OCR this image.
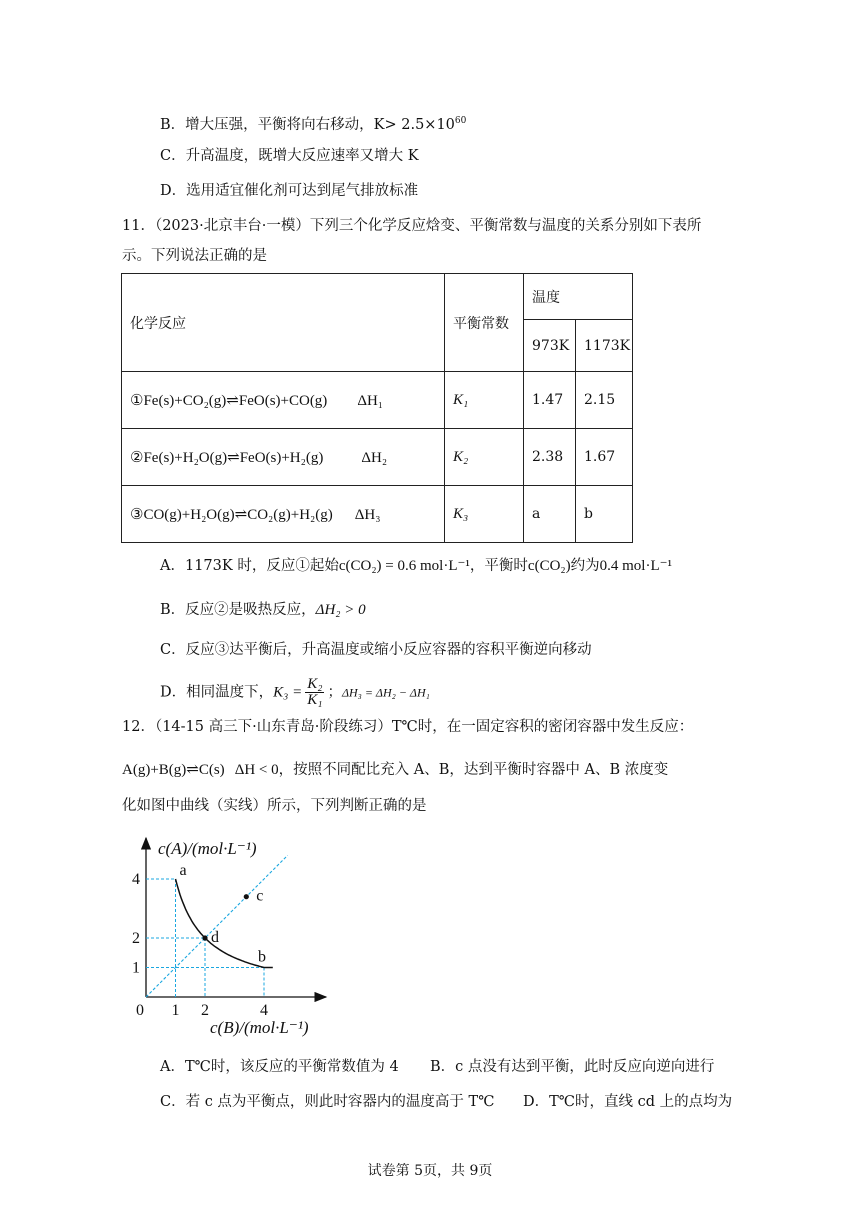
B．增大压强，平衡将向右移动，$K> 2.5\times 10^{60}$
C．升高温度，既增大反应速率又增大 K
D．选用适宜催化剂可达到尾气排放标准
11．（2023·北京丰台·一模）下列三个化学反应焓变、平衡常数与温度的关系分别如下表所
示。下列说法正确的是
化学反应	平衡常数	温度	
		973K	1173K
①Fe(s)+CO₂(g)⇌FeO(s)+CO(g) ΔH₁	K₁	1.47	2.15
②Fe(s)+H₂O(g)⇌FeO(s)+H₂(g) ΔH₂	K₂	2.38	1.67
③CO(g)+H₂O(g)⇌CO₂(g)+H₂(g) ΔH₃	K₃	a	b
A．1173K 时，反应①起始c(CO₂) = 0.6 mol·L⁻¹，平衡时c(CO₂)约为0.4 mol·L⁻¹
B．反应②是吸热反应，ΔH₂ > 0
C．反应③达平衡后，升高温度或缩小反应容器的容积平衡逆向移动
D．相同温度下，$K_3 = \frac{\text{K₂}}{\text{K₁}}$ ；ΔH₃ = ΔH₂ − ΔH₁
12．（14-15 高三下·山东青岛·阶段练习）T℃时，在一固定容积的密闭容器中发生反应：
A(g)+B(g)⇌C(s) ΔH < 0，按照不同配比充入 A、B，达到平衡时容器中 A、B 浓度变
化如图中曲线（实线）所示，下列判断正确的是
a
b
c
d
1 2	4
1
2
4
0
c(A)/(mol·L⁻¹)
c(B)/(mol·L⁻¹)
A．T℃时，该反应的平衡常数值为 4 B．c 点没有达到平衡，此时反应向逆向进行
C．若 c 点为平衡点，则此时容器内的温度高于 T℃ D．T℃时，直线 cd 上的点均为
试卷第 5页，共 9页
